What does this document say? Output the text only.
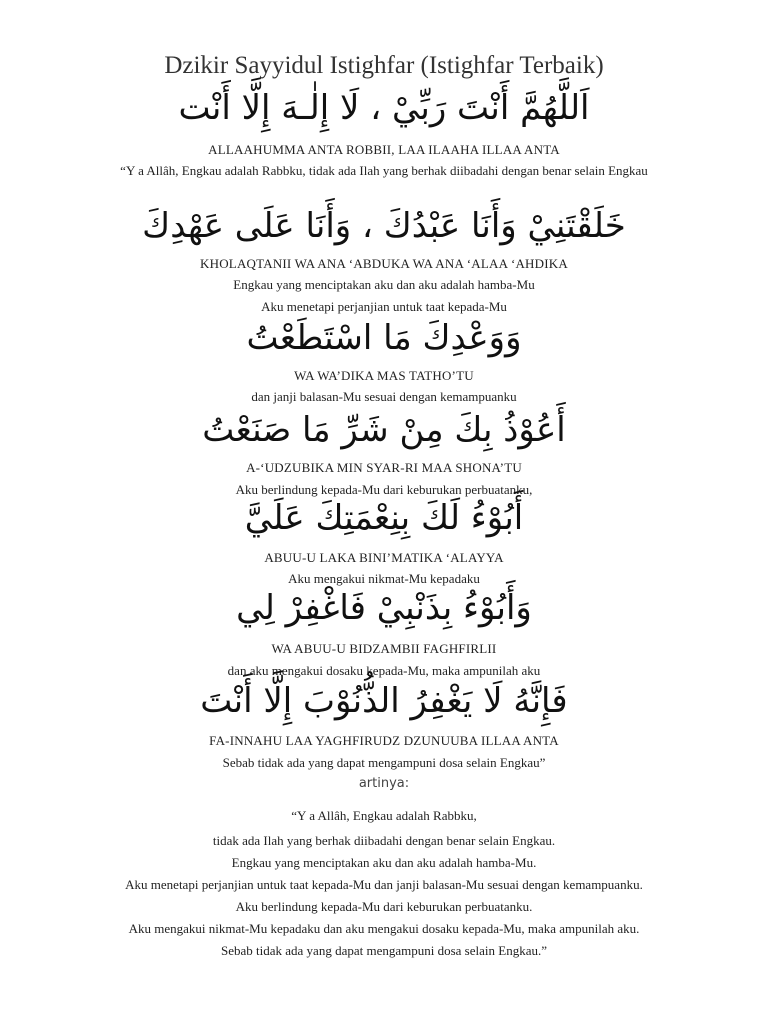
Dzikir Sayyidul Istighfar (Istighfar Terbaik)
اَللَّهُمَّ أَنْتَ رَبِّيْ ، لَا إِلٰـهَ إِلَّا أَنْت
ALLAAHUMMA ANTA ROBBII, LAA ILAAHA ILLAA ANTA
“Y a Allâh, Engkau adalah Rabbku, tidak ada Ilah yang berhak diibadahi dengan benar selain Engkau
خَلَقْتَنِيْ وَأَنَا عَبْدُكَ ، وَأَنَا عَلَى عَهْدِكَ
KHOLAQTANII WA ANA ‘ABDUKA WA ANA ‘ALAA ‘AHDIKA
Engkau yang menciptakan aku dan aku adalah hamba-Mu
Aku menetapi perjanjian untuk taat kepada-Mu
وَوَعْدِكَ مَا اسْتَطَعْتُ
WA WA’DIKA MAS TATHO’TU
dan janji balasan-Mu sesuai dengan kemampuanku
أَعُوْذُ بِكَ مِنْ شَرِّ مَا صَنَعْتُ
A-‘UDZUBIKA MIN SYAR-RI MAA SHONA’TU
Aku berlindung kepada-Mu dari keburukan perbuatanku,
أَبُوْءُ لَكَ بِنِعْمَتِكَ عَلَيَّ
ABUU-U LAKA BINI’MATIKA ‘ALAYYA
Aku mengakui nikmat-Mu kepadaku
وَأَبُوْءُ بِذَنْبِيْ فَاغْفِرْ لِي
WA ABUU-U BIDZAMBII FAGHFIRLII
dan aku mengakui dosaku kepada-Mu, maka ampunilah aku
فَإِنَّهُ لَا يَغْفِرُ الذُّنُوْبَ إِلَّا أَنْتَ
FA-INNAHU LAA YAGHFIRUDZ DZUNUUBA ILLAA ANTA
Sebab tidak ada yang dapat mengampuni dosa selain Engkau”
artinya:
“Y a Allâh, Engkau adalah Rabbku,
tidak ada Ilah yang berhak diibadahi dengan benar selain Engkau.
Engkau yang menciptakan aku dan aku adalah hamba-Mu.
Aku menetapi perjanjian untuk taat kepada-Mu dan janji balasan-Mu sesuai dengan kemampuanku.
Aku berlindung kepada-Mu dari keburukan perbuatanku.
Aku mengakui nikmat-Mu kepadaku dan aku mengakui dosaku kepada-Mu, maka ampunilah aku.
Sebab tidak ada yang dapat mengampuni dosa selain Engkau.”
